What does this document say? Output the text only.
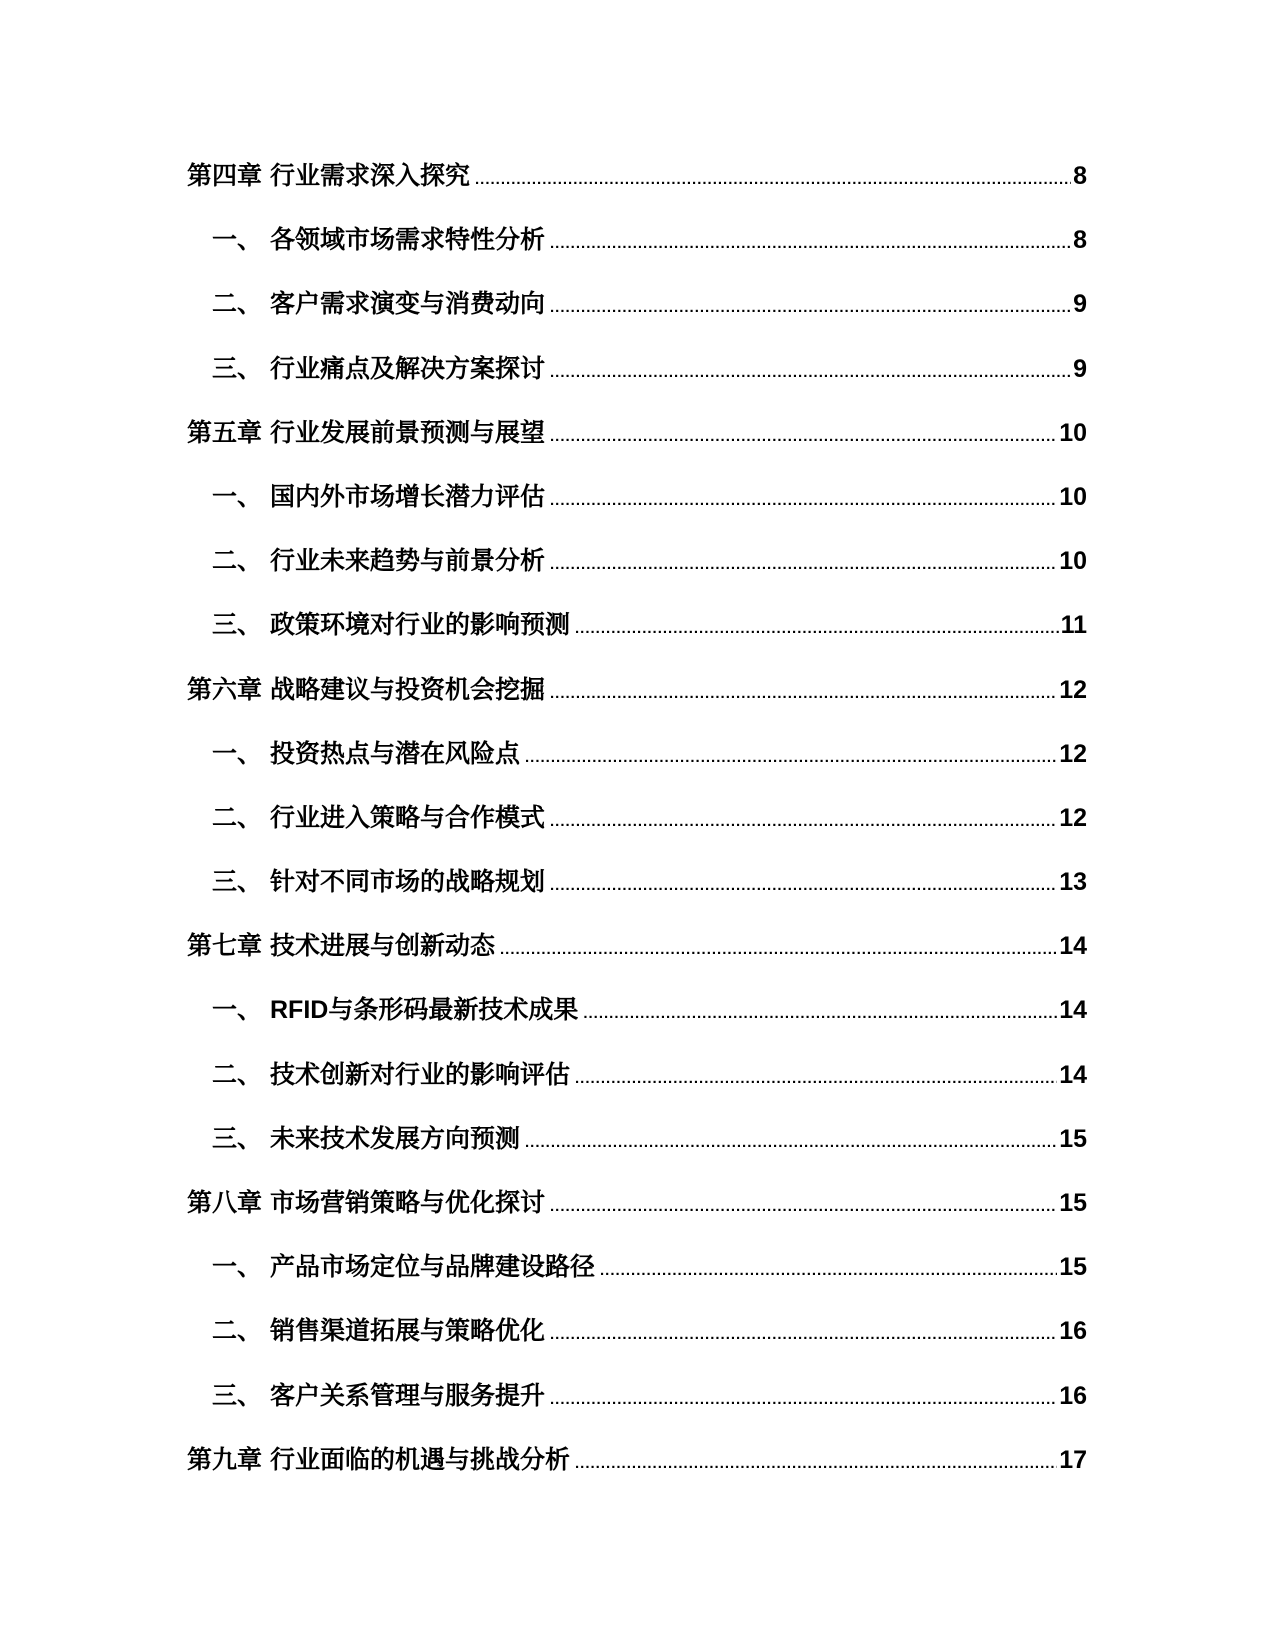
第四章 行业需求深入探究 .....	8
一、 各领域市场需求特性分析 .....	8
二、 客户需求演变与消费动向 .....	9
三、 行业痛点及解决方案探讨 .....	9
第五章 行业发展前景预测与展望 .....	10
一、 国内外市场增长潜力评估 .....	10
二、 行业未来趋势与前景分析 .....	10
三、 政策环境对行业的影响预测 .....	11
第六章 战略建议与投资机会挖掘 .....	12
一、 投资热点与潜在风险点 .....	12
二、 行业进入策略与合作模式 .....	12
三、 针对不同市场的战略规划 .....	13
第七章 技术进展与创新动态 .....	14
一、 RFID与条形码最新技术成果 .....	14
二、 技术创新对行业的影响评估 .....	14
三、 未来技术发展方向预测 .....	15
第八章 市场营销策略与优化探讨 .....	15
一、 产品市场定位与品牌建设路径 .....	15
二、 销售渠道拓展与策略优化 .....	16
三、 客户关系管理与服务提升 .....	16
第九章 行业面临的机遇与挑战分析 .....	17
